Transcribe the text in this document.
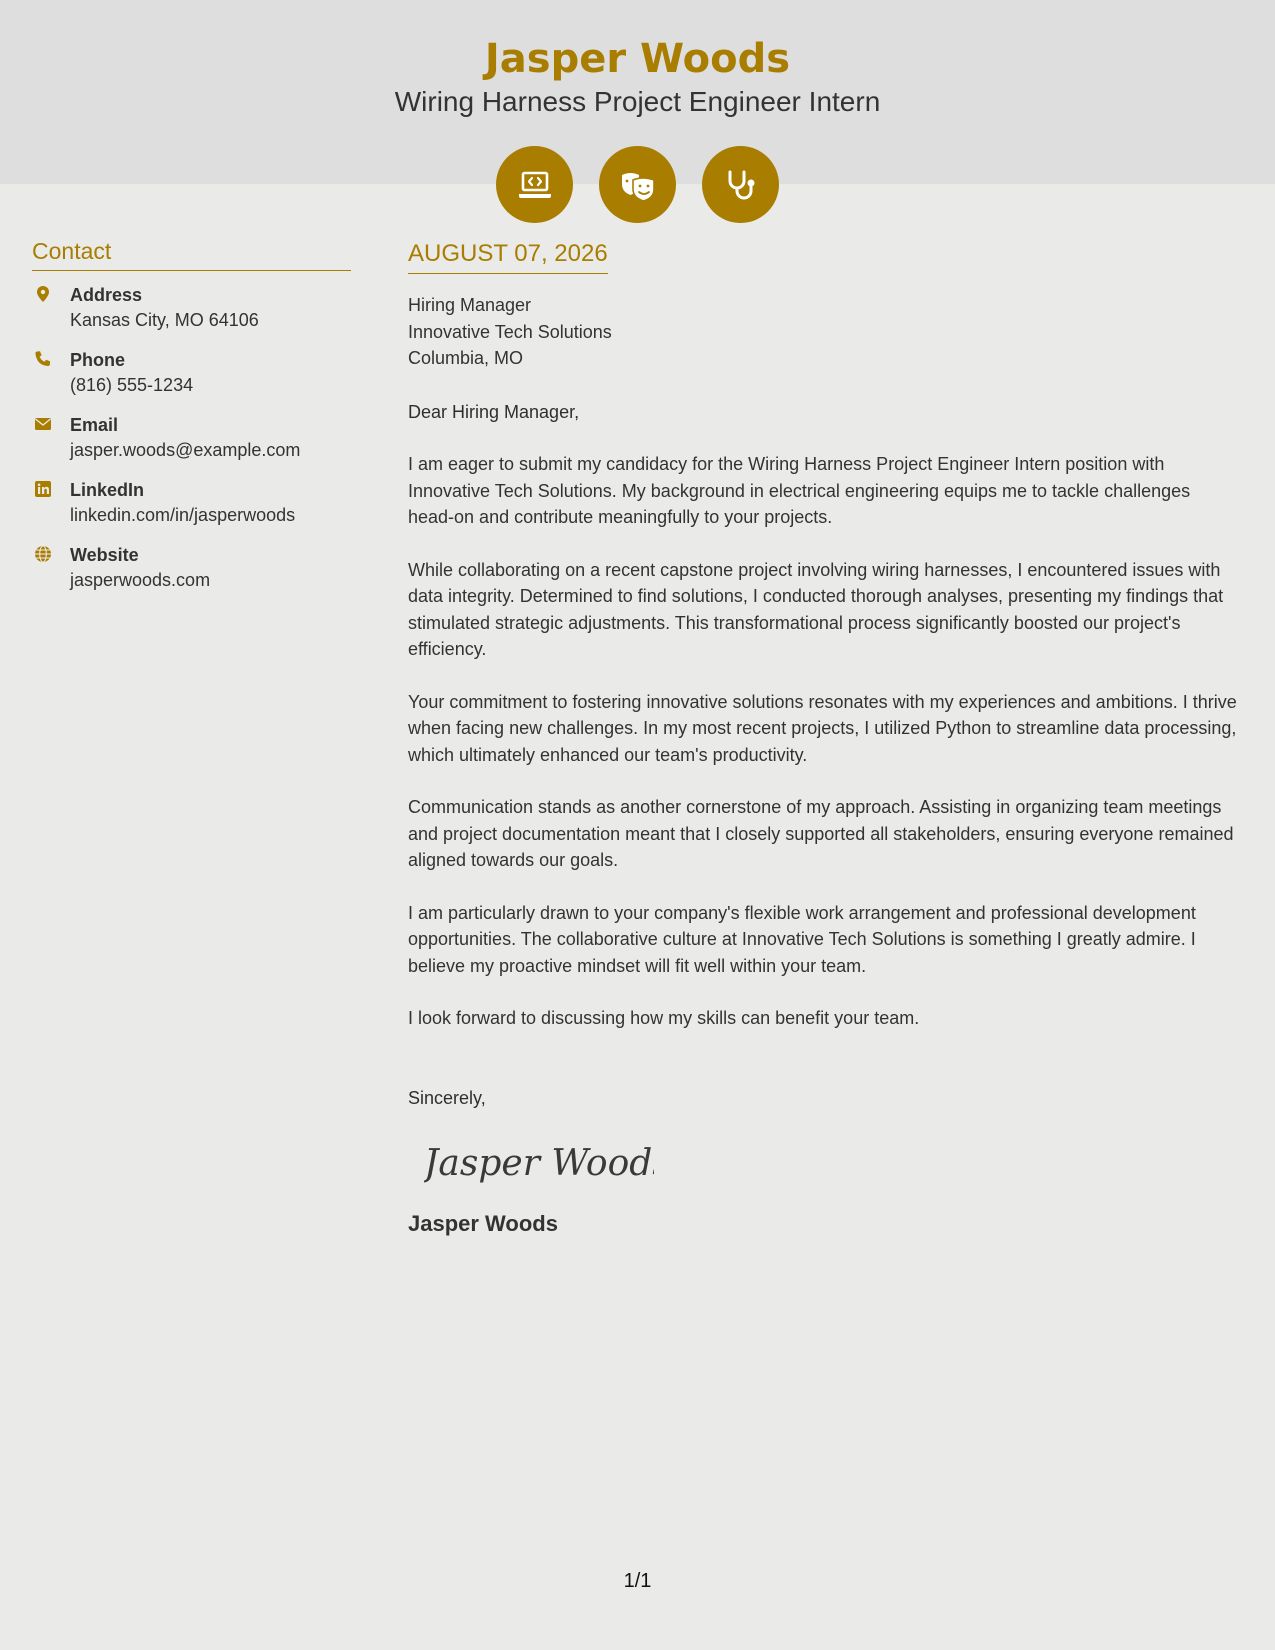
Jasper Woods
Wiring Harness Project Engineer Intern
Contact
Address
Kansas City, MO 64106
Phone
(816) 555-1234
Email
jasper.woods@example.com
LinkedIn
linkedin.com/in/jasperwoods
Website
jasperwoods.com
AUGUST 07, 2026
Hiring Manager
Innovative Tech Solutions
Columbia, MO
Dear Hiring Manager,
I am eager to submit my candidacy for the Wiring Harness Project Engineer Intern position with Innovative Tech Solutions. My background in electrical engineering equips me to tackle challenges head-on and contribute meaningfully to your projects.
While collaborating on a recent capstone project involving wiring harnesses, I encountered issues with data integrity. Determined to find solutions, I conducted thorough analyses, presenting my findings that stimulated strategic adjustments. This transformational process significantly boosted our project's efficiency.
Your commitment to fostering innovative solutions resonates with my experiences and ambitions. I thrive when facing new challenges. In my most recent projects, I utilized Python to streamline data processing, which ultimately enhanced our team's productivity.
Communication stands as another cornerstone of my approach. Assisting in organizing team meetings and project documentation meant that I closely supported all stakeholders, ensuring everyone remained aligned towards our goals.
I am particularly drawn to your company's flexible work arrangement and professional development opportunities. The collaborative culture at Innovative Tech Solutions is something I greatly admire. I believe my proactive mindset will fit well within your team.
I look forward to discussing how my skills can benefit your team.
Sincerely,
Jasper Woods
Jasper Woods
1/1
